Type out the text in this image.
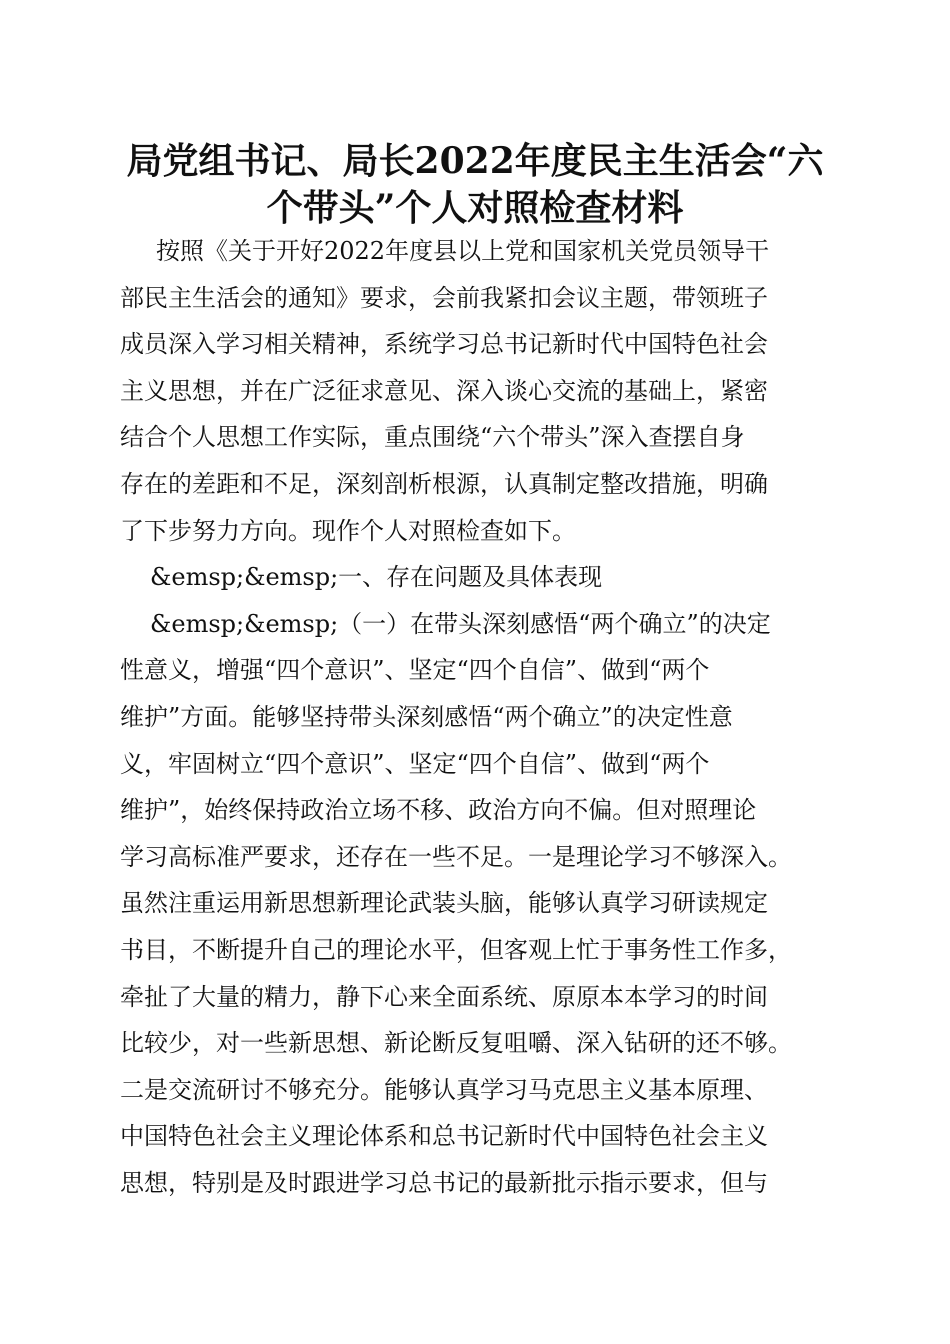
局党组书记、局长2022年度民主生活会“六
个带头”个人对照检查材料
按照《关于开好2022年度县以上党和国家机关党员领导干
部民主生活会的通知》要求，会前我紧扣会议主题，带领班子
成员深入学习相关精神，系统学习总书记新时代中国特色社会
主义思想，并在广泛征求意见、深入谈心交流的基础上，紧密
结合个人思想工作实际，重点围绕“六个带头”深入查摆自身
存在的差距和不足，深刻剖析根源，认真制定整改措施，明确
了下步努力方向。现作个人对照检查如下。
&emsp;&emsp;一、存在问题及具体表现
&emsp;&emsp;（一）在带头深刻感悟“两个确立”的决定
性意义，增强“四个意识”、坚定“四个自信”、做到“两个
维护”方面。能够坚持带头深刻感悟“两个确立”的决定性意
义，牢固树立“四个意识”、坚定“四个自信”、做到“两个
维护”，始终保持政治立场不移、政治方向不偏。但对照理论
学习高标准严要求，还存在一些不足。一是理论学习不够深入。
虽然注重运用新思想新理论武装头脑，能够认真学习研读规定
书目，不断提升自己的理论水平，但客观上忙于事务性工作多，
牵扯了大量的精力，静下心来全面系统、原原本本学习的时间
比较少，对一些新思想、新论断反复咀嚼、深入钻研的还不够。
二是交流研讨不够充分。能够认真学习马克思主义基本原理、
中国特色社会主义理论体系和总书记新时代中国特色社会主义
思想，特别是及时跟进学习总书记的最新批示指示要求，但与
